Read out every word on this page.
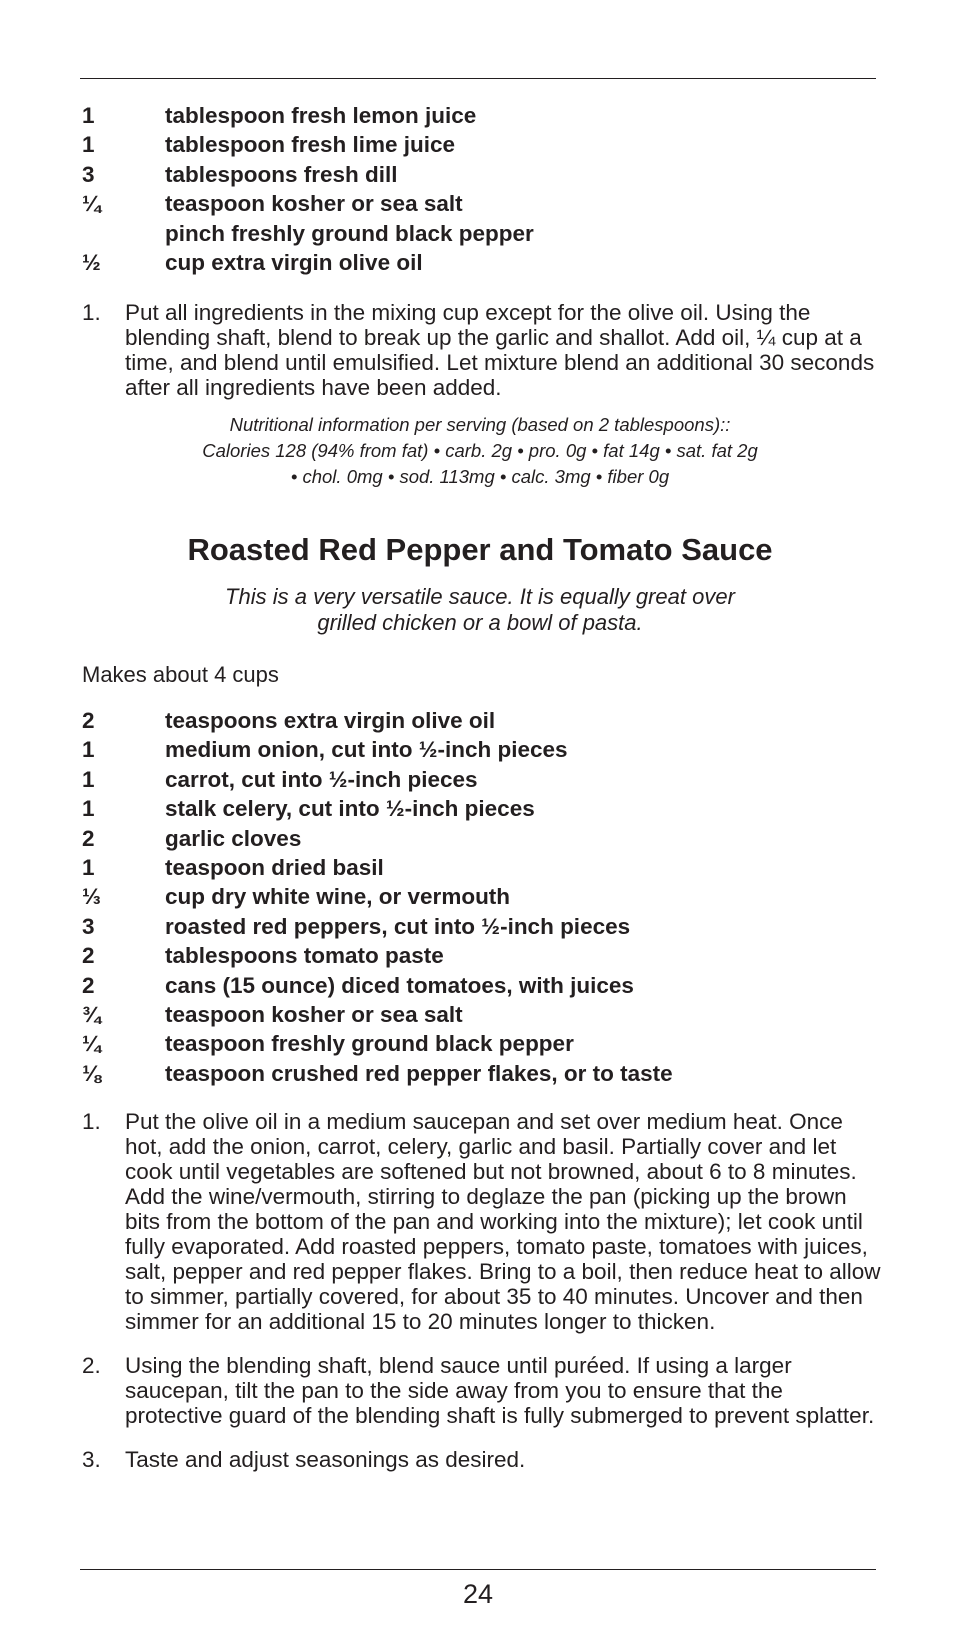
1	tablespoon fresh lemon juice
1	tablespoon fresh lime juice
3	tablespoons fresh dill
¼	teaspoon kosher or sea salt
pinch freshly ground black pepper
½	cup extra virgin olive oil
1.	Put all ingredients in the mixing cup except for the olive oil. Using the blending shaft, blend to break up the garlic and shallot. Add oil, ¼ cup at a time, and blend until emulsified. Let mixture blend an additional 30 seconds after all ingredients have been added.
Nutritional information per serving (based on 2 tablespoons)::
Calories 128 (94% from fat) • carb. 2g • pro. 0g • fat 14g • sat. fat 2g
• chol. 0mg • sod. 113mg • calc. 3mg • fiber 0g
Roasted Red Pepper and Tomato Sauce
This is a very versatile sauce. It is equally great over
grilled chicken or a bowl of pasta.
Makes about 4 cups
2	teaspoons extra virgin olive oil
1	medium onion, cut into ½-inch pieces
1	carrot, cut into ½-inch pieces
1	stalk celery, cut into ½-inch pieces
2	garlic cloves
1	teaspoon dried basil
⅓	cup dry white wine, or vermouth
3	roasted red peppers, cut into ½-inch pieces
2	tablespoons tomato paste
2	cans (15 ounce) diced tomatoes, with juices
¾	teaspoon kosher or sea salt
¼	teaspoon freshly ground black pepper
⅛	teaspoon crushed red pepper flakes, or to taste
1.	Put the olive oil in a medium saucepan and set over medium heat. Once hot, add the onion, carrot, celery, garlic and basil. Partially cover and let cook until vegetables are softened but not browned, about 6 to 8 minutes. Add the wine/vermouth, stirring to deglaze the pan (picking up the brown bits from the bottom of the pan and working into the mixture); let cook until fully evaporated. Add roasted peppers, tomato paste, tomatoes with juices, salt, pepper and red pepper flakes. Bring to a boil, then reduce heat to allow to simmer, partially covered, for about 35 to 40 minutes. Uncover and then simmer for an additional 15 to 20 minutes longer to thicken.
2.	Using the blending shaft, blend sauce until puréed. If using a larger saucepan, tilt the pan to the side away from you to ensure that the protective guard of the blending shaft is fully submerged to prevent splatter.
3.	Taste and adjust seasonings as desired.
24
